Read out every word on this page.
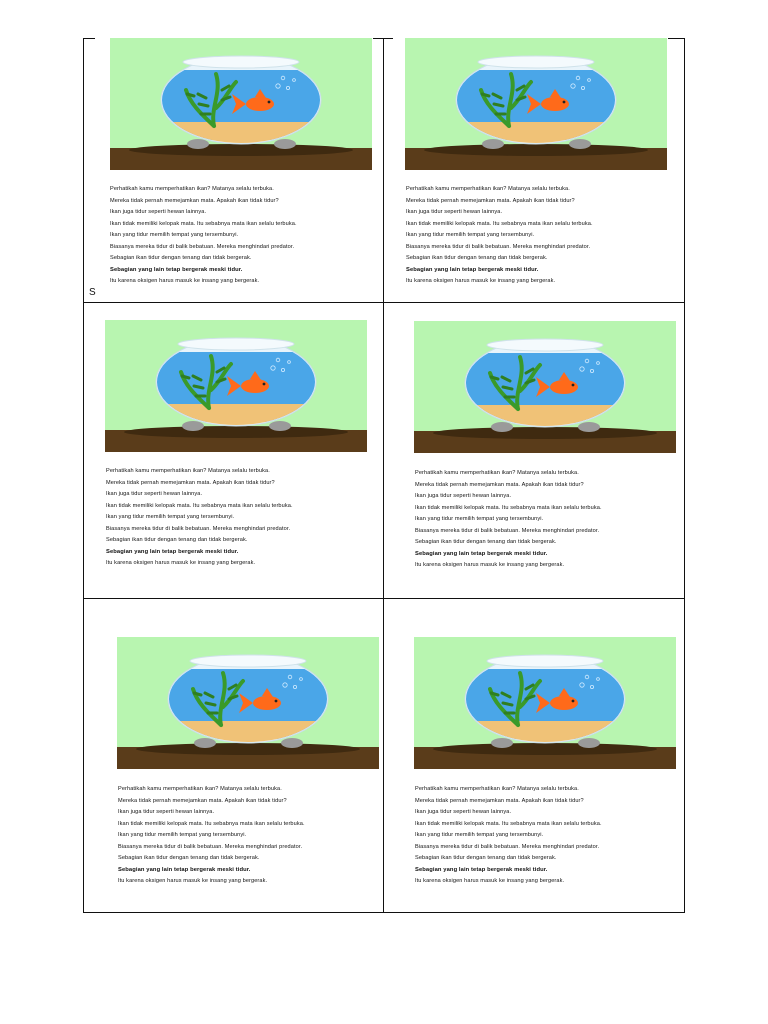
S
Perhatikah kamu memperhatikan ikan? Matanya selalu terbuka.
Mereka tidak pernah memejamkan mata. Apakah ikan tidak tidur?
Ikan juga tidur seperti hewan lainnya.
Ikan tidak memiliki kelopak mata. Itu sebabnya mata ikan selalu terbuka.
Ikan yang tidur memilih tempat yang tersembunyi.
Biasanya mereka tidur di balik bebatuan. Mereka menghindari predator.
Sebagian ikan tidur dengan tenang dan tidak bergerak.
Sebagian yang lain tetap bergerak meski tidur.
Itu karena oksigen harus masuk ke insang yang bergerak.
Perhatikah kamu memperhatikan ikan? Matanya selalu terbuka.
Mereka tidak pernah memejamkan mata. Apakah ikan tidak tidur?
Ikan juga tidur seperti hewan lainnya.
Ikan tidak memiliki kelopak mata. Itu sebabnya mata ikan selalu terbuka.
Ikan yang tidur memilih tempat yang tersembunyi.
Biasanya mereka tidur di balik bebatuan. Mereka menghindari predator.
Sebagian ikan tidur dengan tenang dan tidak bergerak.
Sebagian yang lain tetap bergerak meski tidur.
Itu karena oksigen harus masuk ke insang yang bergerak.
Perhatikah kamu memperhatikan ikan? Matanya selalu terbuka.
Mereka tidak pernah memejamkan mata. Apakah ikan tidak tidur?
Ikan juga tidur seperti hewan lainnya.
Ikan tidak memiliki kelopak mata. Itu sebabnya mata ikan selalu terbuka.
Ikan yang tidur memilih tempat yang tersembunyi.
Biasanya mereka tidur di balik bebatuan. Mereka menghindari predator.
Sebagian ikan tidur dengan tenang dan tidak bergerak.
Sebagian yang lain tetap bergerak meski tidur.
Itu karena oksigen harus masuk ke insang yang bergerak.
Perhatikah kamu memperhatikan ikan? Matanya selalu terbuka.
Mereka tidak pernah memejamkan mata. Apakah ikan tidak tidur?
Ikan juga tidur seperti hewan lainnya.
Ikan tidak memiliki kelopak mata. Itu sebabnya mata ikan selalu terbuka.
Ikan yang tidur memilih tempat yang tersembunyi.
Biasanya mereka tidur di balik bebatuan. Mereka menghindari predator.
Sebagian ikan tidur dengan tenang dan tidak bergerak.
Sebagian yang lain tetap bergerak meski tidur.
Itu karena oksigen harus masuk ke insang yang bergerak.
Perhatikah kamu memperhatikan ikan? Matanya selalu terbuka.
Mereka tidak pernah memejamkan mata. Apakah ikan tidak tidur?
Ikan juga tidur seperti hewan lainnya.
Ikan tidak memiliki kelopak mata. Itu sebabnya mata ikan selalu terbuka.
Ikan yang tidur memilih tempat yang tersembunyi.
Biasanya mereka tidur di balik bebatuan. Mereka menghindari predator.
Sebagian ikan tidur dengan tenang dan tidak bergerak.
Sebagian yang lain tetap bergerak meski tidur.
Itu karena oksigen harus masuk ke insang yang bergerak.
Perhatikah kamu memperhatikan ikan? Matanya selalu terbuka.
Mereka tidak pernah memejamkan mata. Apakah ikan tidak tidur?
Ikan juga tidur seperti hewan lainnya.
Ikan tidak memiliki kelopak mata. Itu sebabnya mata ikan selalu terbuka.
Ikan yang tidur memilih tempat yang tersembunyi.
Biasanya mereka tidur di balik bebatuan. Mereka menghindari predator.
Sebagian ikan tidur dengan tenang dan tidak bergerak.
Sebagian yang lain tetap bergerak meski tidur.
Itu karena oksigen harus masuk ke insang yang bergerak.
